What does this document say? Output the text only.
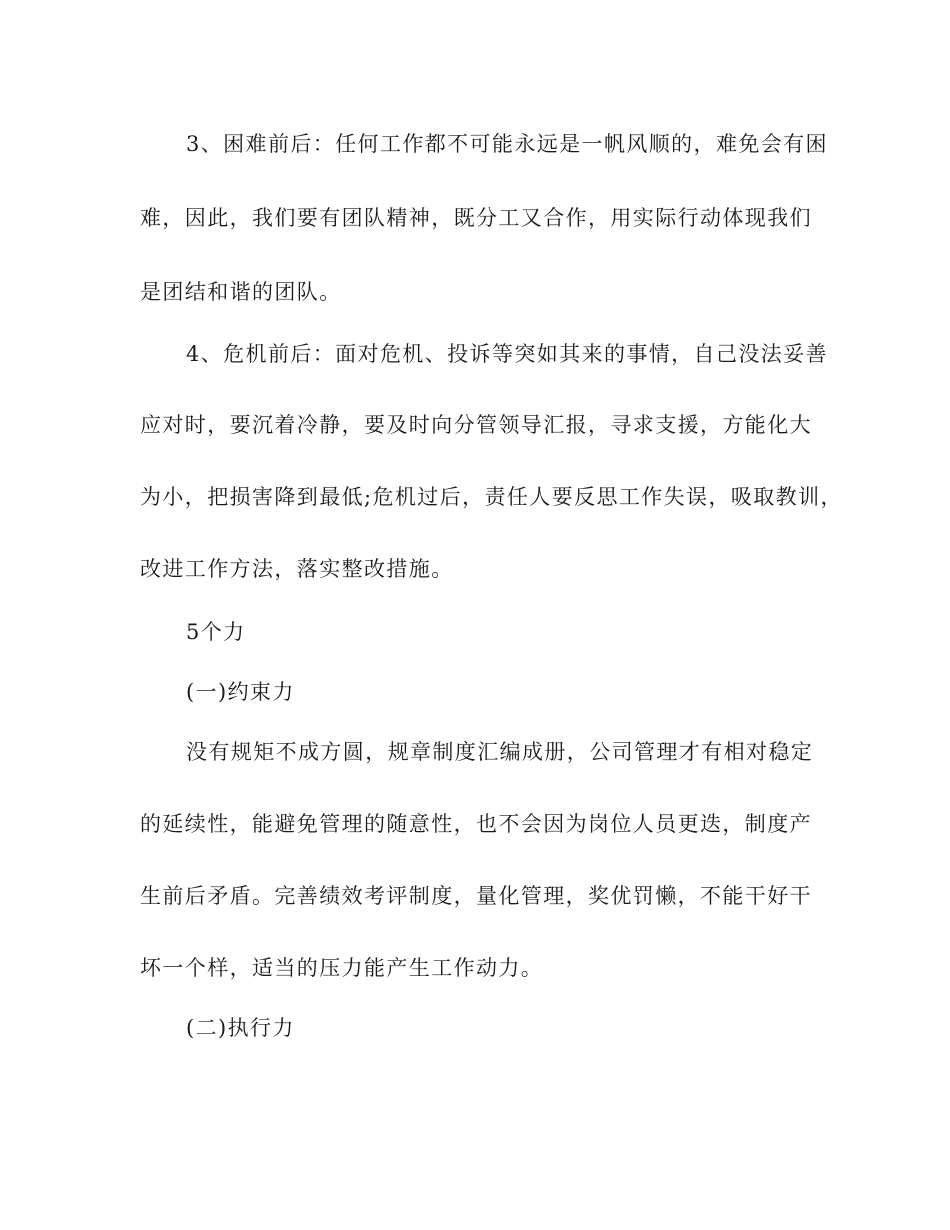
3、困难前后：任何工作都不可能永远是一帆风顺的，难免会有困
难，因此，我们要有团队精神，既分工又合作，用实际行动体现我们
是团结和谐的团队。
4、危机前后：面对危机、投诉等突如其来的事情，自己没法妥善
应对时，要沉着冷静，要及时向分管领导汇报，寻求支援，方能化大
为小，把损害降到最低;危机过后，责任人要反思工作失误，吸取教训，
改进工作方法，落实整改措施。
5个力
(一)约束力
没有规矩不成方圆，规章制度汇编成册，公司管理才有相对稳定
的延续性，能避免管理的随意性，也不会因为岗位人员更迭，制度产
生前后矛盾。完善绩效考评制度，量化管理，奖优罚懒，不能干好干
坏一个样，适当的压力能产生工作动力。
(二)执行力
